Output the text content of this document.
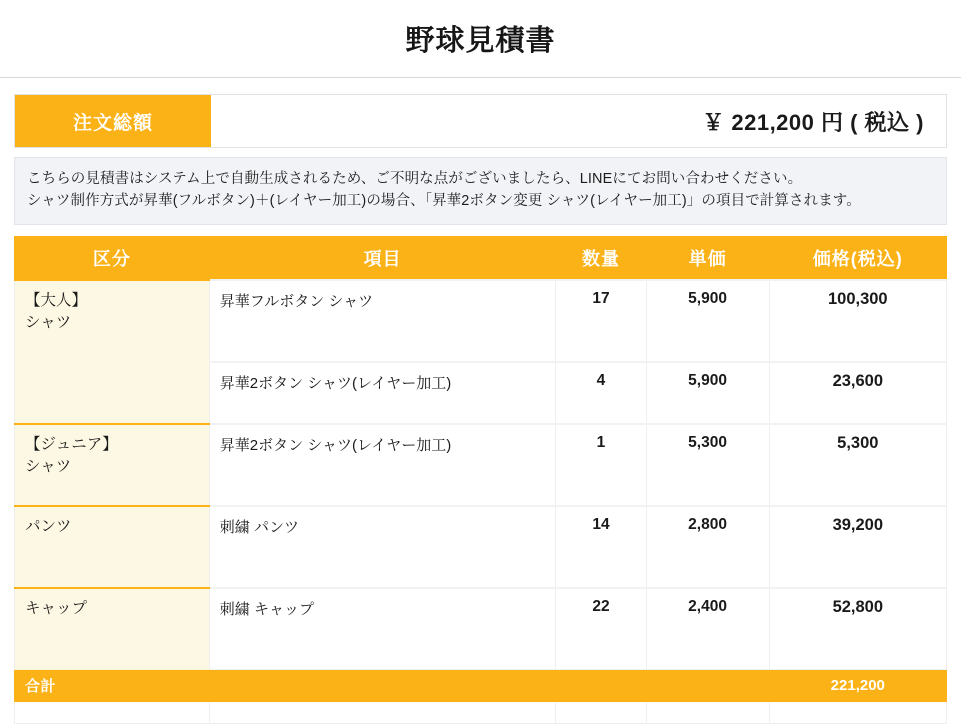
野球見積書
注文総額	￥ 221,200 円 ( 税込 )

こちらの見積書はシステム上で自動生成されるため、ご不明な点がございましたら、LINEにてお問い合わせください。

シャツ制作方式が昇華(フルボタン)＋(レイヤー加工)の場合、「昇華2ボタン変更 シャツ(レイヤー加工)」の項目で計算されます。

区分	項目	数量	単価	価格(税込)
【大人】
シャツ	昇華フルボタン シャツ	17	5,900	100,300
	昇華2ボタン シャツ(レイヤー加工)	4	5,900	23,600
【ジュニア】
シャツ	昇華2ボタン シャツ(レイヤー加工)	1	5,300	5,300
パンツ	刺繍 パンツ	14	2,800	39,200
キャップ	刺繍 キャップ	22	2,400	52,800
合計				221,200
